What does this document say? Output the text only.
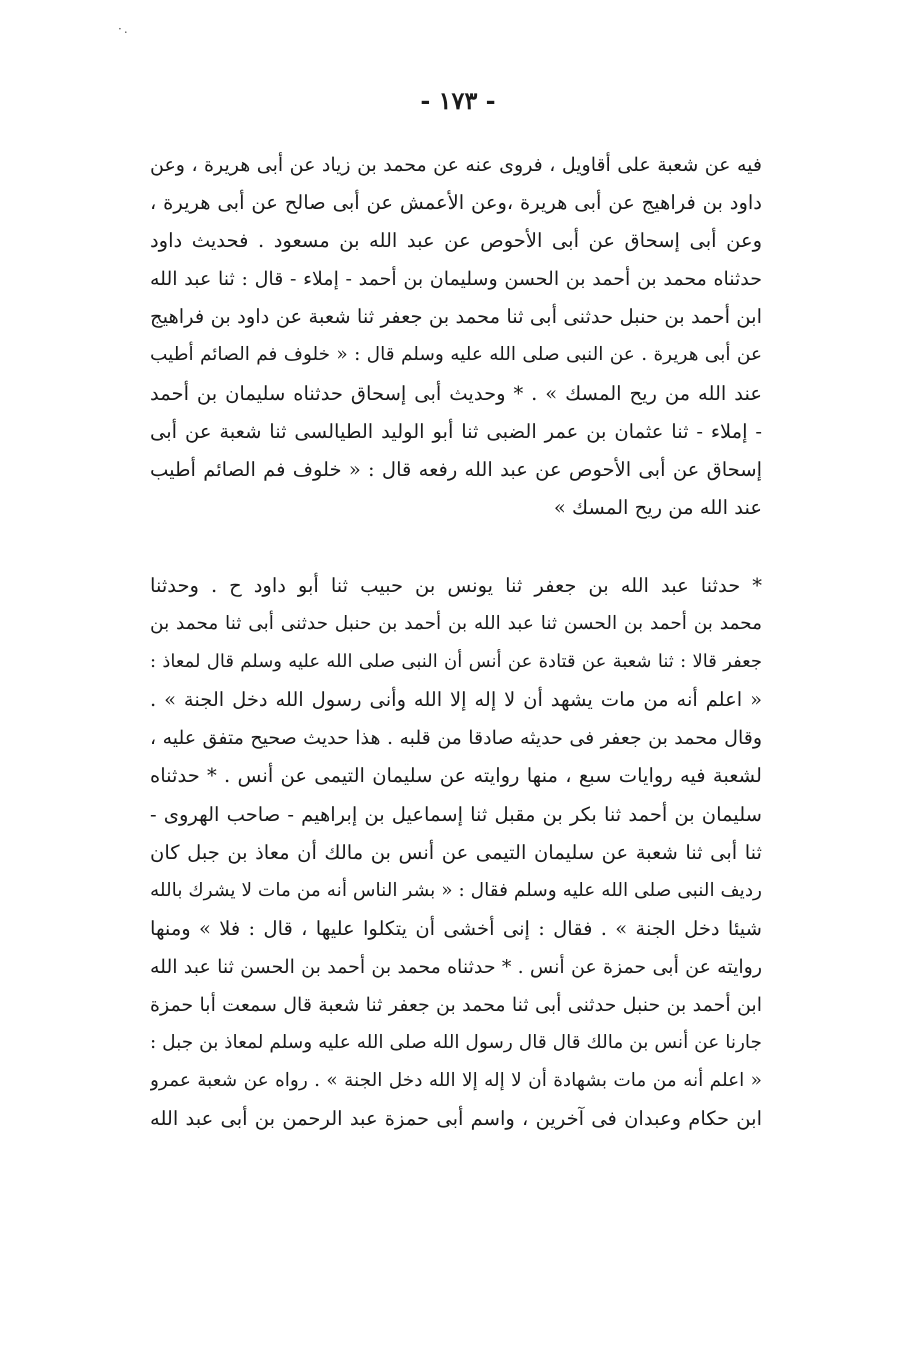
·.
- ١٧٣ -
فيه عن شعبة على أقاويل ، فروى عنه عن محمد بن زياد عن أبى هريرة ، وعن
داود بن فراهيج عن أبى هريرة ،وعن الأعمش عن أبى صالح عن أبى هريرة ،
وعن أبى إسحاق عن أبى الأحوص عن عبد الله بن مسعود . فحديث داود
حدثناه محمد بن أحمد بن الحسن وسليمان بن أحمد - إملاء - قال : ثنا عبد الله
ابن أحمد بن حنبل حدثنى أبى ثنا محمد بن جعفر ثنا شعبة عن داود بن فراهيج
عن أبى هريرة . عن النبى صلى الله عليه وسلم قال : « خلوف فم الصائم أطيب
عند الله من ريح المسك » . * وحديث أبى إسحاق حدثناه سليمان بن أحمد
- إملاء - ثنا عثمان بن عمر الضبى ثنا أبو الوليد الطيالسى ثنا شعبة عن أبى
إسحاق عن أبى الأحوص عن عبد الله رفعه قال : « خلوف فم الصائم أطيب
عند الله من ريح المسك »
* حدثنا عبد الله بن جعفر ثنا يونس بن حبيب ثنا أبو داود ح . وحدثنا
محمد بن أحمد بن الحسن ثنا عبد الله بن أحمد بن حنبل حدثنى أبى ثنا محمد بن
جعفر قالا : ثنا شعبة عن قتادة عن أنس أن النبى صلى الله عليه وسلم قال لمعاذ :
« اعلم أنه من مات يشهد أن لا إله إلا الله وأنى رسول الله دخل الجنة » .
وقال محمد بن جعفر فى حديثه صادقا من قلبه . هذا حديث صحيح متفق عليه ،
لشعبة فيه روايات سبع ، منها روايته عن سليمان التيمى عن أنس . * حدثناه
سليمان بن أحمد ثنا بكر بن مقبل ثنا إسماعيل بن إبراهيم - صاحب الهروى -
ثنا أبى ثنا شعبة عن سليمان التيمى عن أنس بن مالك أن معاذ بن جبل كان
رديف النبى صلى الله عليه وسلم فقال : « بشر الناس أنه من مات لا يشرك بالله
شيئا دخل الجنة » . فقال : إنى أخشى أن يتكلوا عليها ، قال : فلا » ومنها
روايته عن أبى حمزة عن أنس . * حدثناه محمد بن أحمد بن الحسن ثنا عبد الله
ابن أحمد بن حنبل حدثنى أبى ثنا محمد بن جعفر ثنا شعبة قال سمعت أبا حمزة
جارنا عن أنس بن مالك قال قال رسول الله صلى الله عليه وسلم لمعاذ بن جبل :
« اعلم أنه من مات بشهادة أن لا إله إلا الله دخل الجنة » . رواه عن شعبة عمرو
ابن حكام وعبدان فى آخرين ، واسم أبى حمزة عبد الرحمن بن أبى عبد الله
